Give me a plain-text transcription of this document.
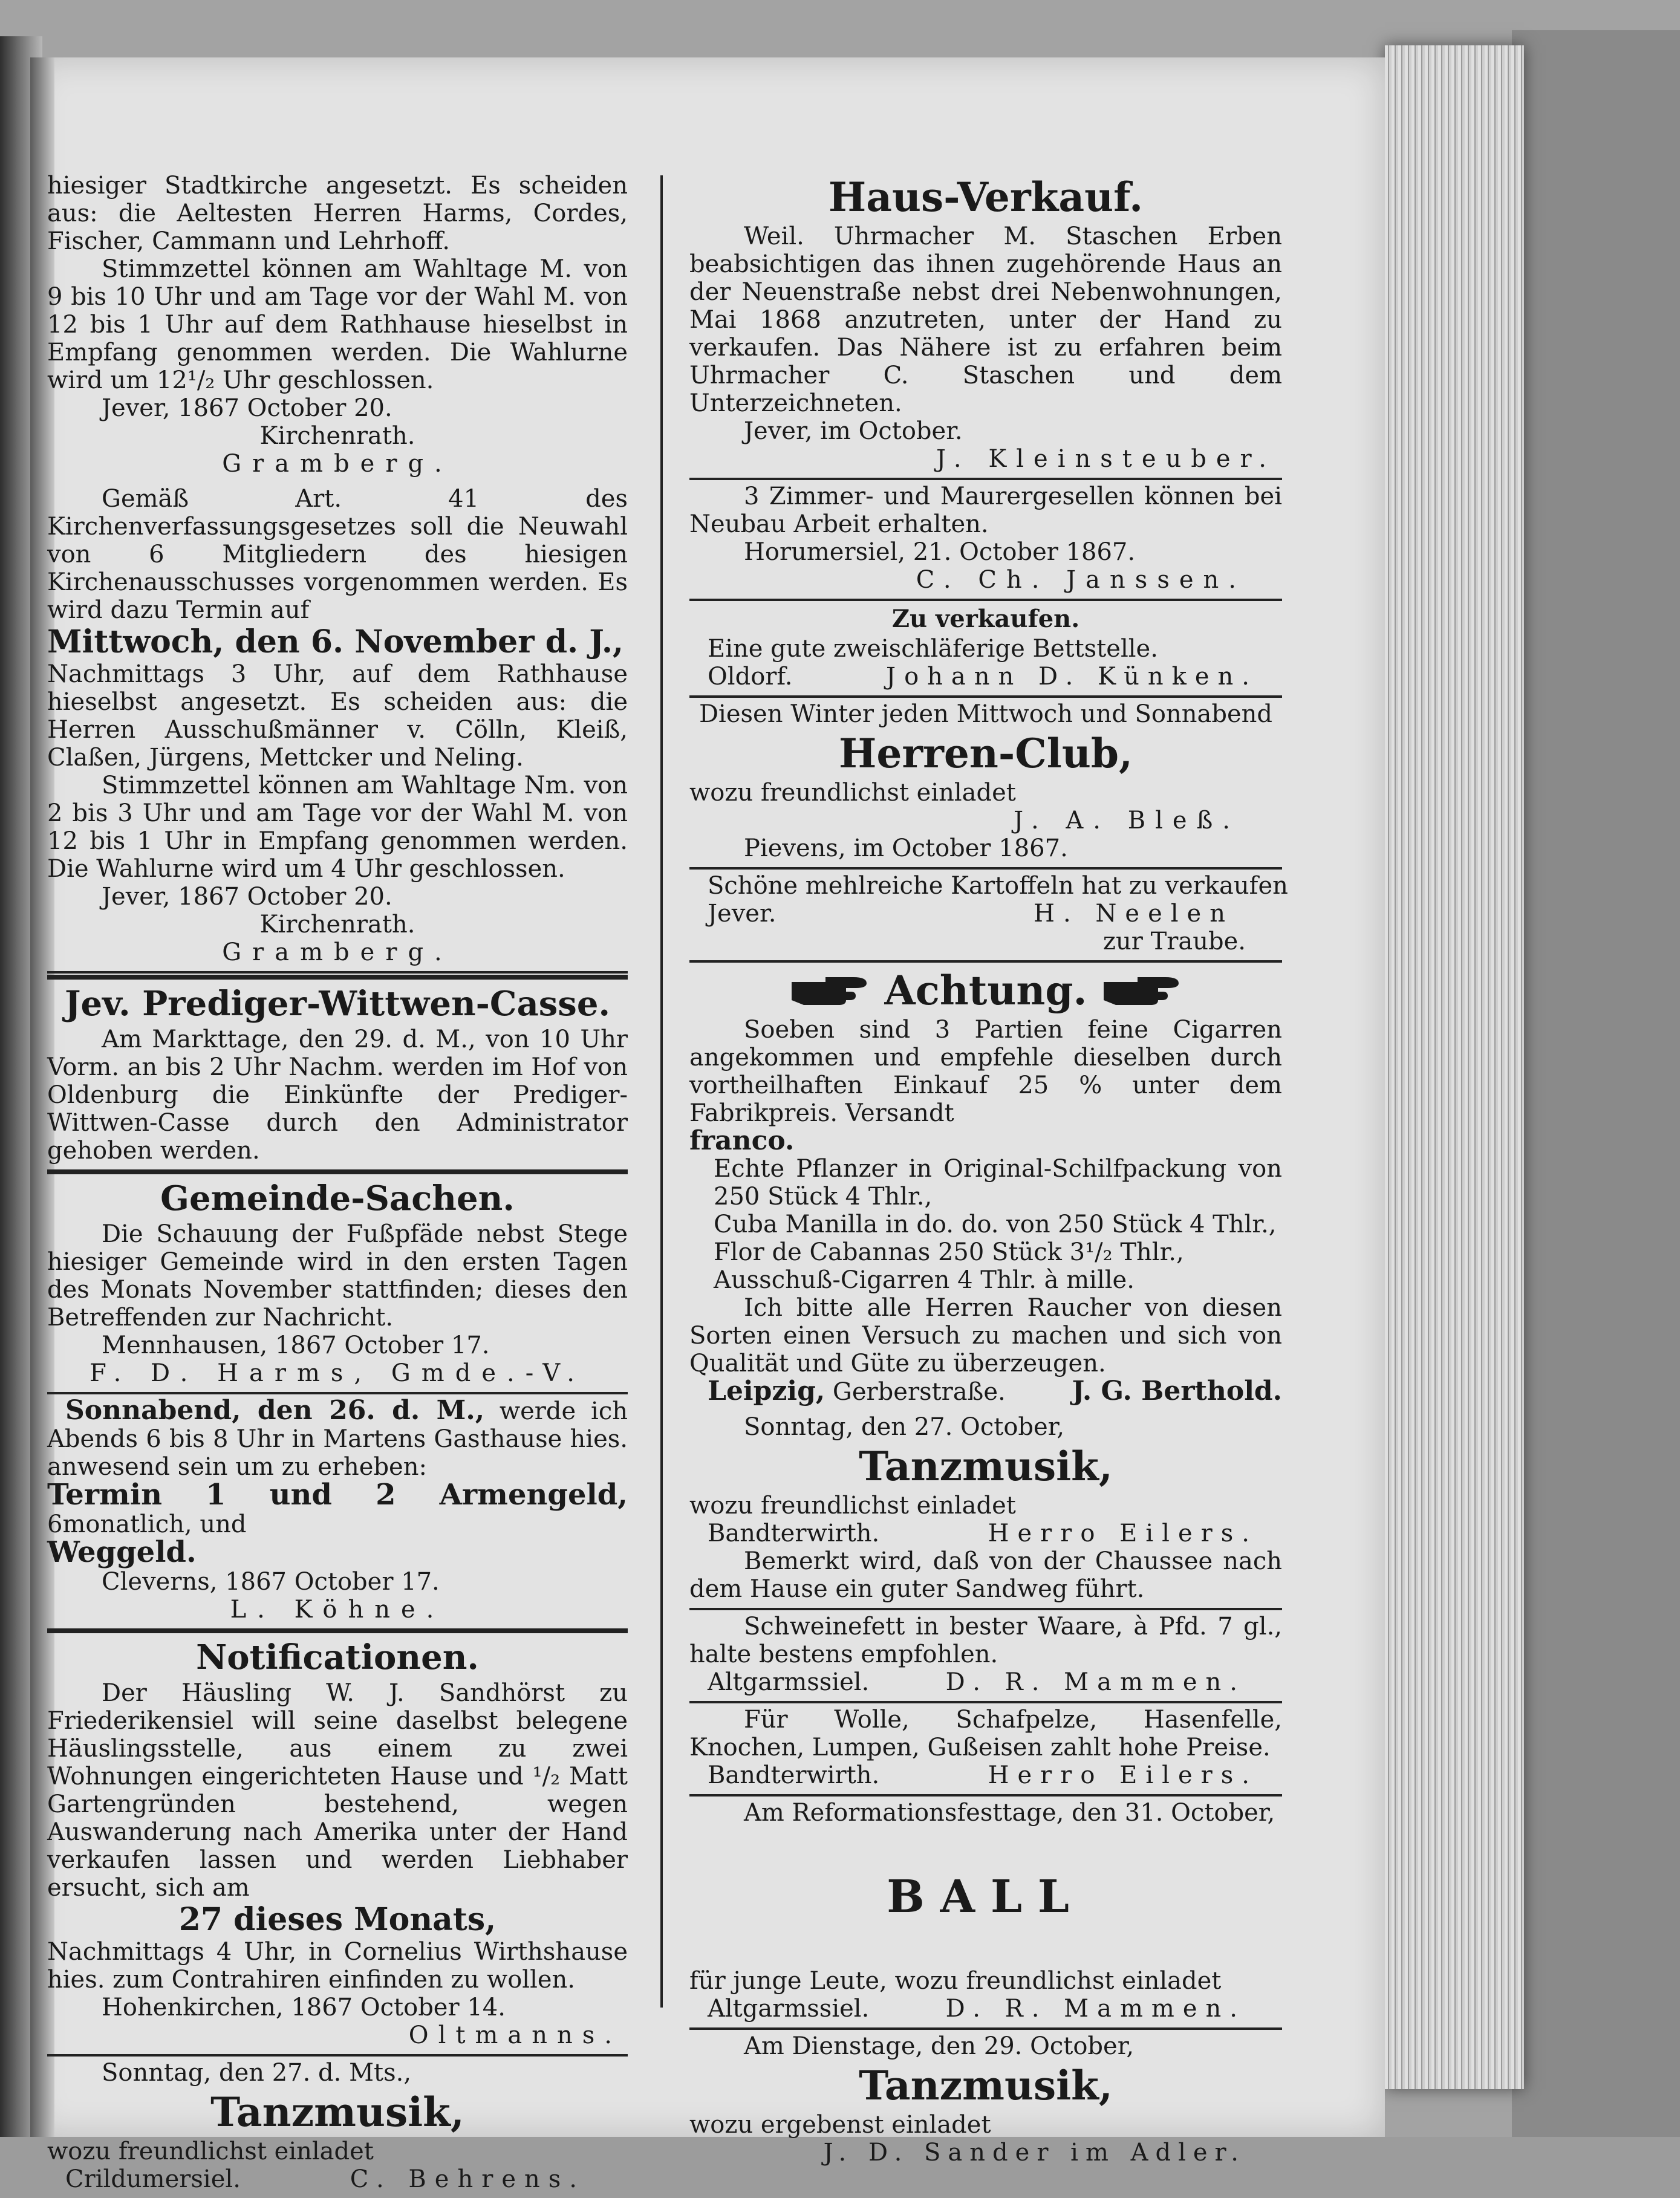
hiesiger Stadtkirche angesetzt. Es scheiden aus: die Aeltesten Herren Harms, Cordes, Fischer, Cammann und Lehrhoff.

Stimmzettel können am Wahltage M. von 9 bis 10 Uhr und am Tage vor der Wahl M. von 12 bis 1 Uhr auf dem Rathhause hieselbst in Empfang genommen werden. Die Wahlurne wird um 12¹/₂ Uhr geschlossen.

Jever, 1867 October 20.

Kirchenrath.

Gramberg.

Gemäß Art. 41 des Kirchenverfassungsgesetzes soll die Neuwahl von 6 Mitgliedern des hiesigen Kirchenausschusses vorgenommen werden. Es wird dazu Termin auf

Mittwoch, den 6. November d. J.,

Nachmittags 3 Uhr, auf dem Rathhause hieselbst angesetzt. Es scheiden aus: die Herren Ausschußmänner v. Cölln, Kleiß, Claßen, Jürgens, Mettcker und Neling.

Stimmzettel können am Wahltage Nm. von 2 bis 3 Uhr und am Tage vor der Wahl M. von 12 bis 1 Uhr in Empfang genommen werden. Die Wahlurne wird um 4 Uhr geschlossen.

Jever, 1867 October 20.

Kirchenrath.

Gramberg.

Jev. Prediger-Wittwen-Casse.

Am Markttage, den 29. d. M., von 10 Uhr Vorm. an bis 2 Uhr Nachm. werden im Hof von Oldenburg die Einkünfte der Prediger-Wittwen-Casse durch den Administrator gehoben werden.

Gemeinde-Sachen.

Die Schauung der Fußpfäde nebst Stege hiesiger Gemeinde wird in den ersten Tagen des Monats November stattfinden; dieses den Betreffenden zur Nachricht.

Mennhausen, 1867 October 17.

F. D. Harms, Gmde.-V.

Sonnabend, den 26. d. M., werde ich Abends 6 bis 8 Uhr in Martens Gasthause hies. anwesend sein um zu erheben:

Termin 1 und 2 Armengeld, 6monatlich, und
Weggeld.

Cleverns, 1867 October 17.

L. Köhne.

Notificationen.

Der Häusling W. J. Sandhörst zu Friederikensiel will seine daselbst belegene Häuslingsstelle, aus einem zu zwei Wohnungen eingerichteten Hause und ¹/₂ Matt Gartengründen bestehend, wegen Auswanderung nach Amerika unter der Hand verkaufen lassen und werden Liebhaber ersucht, sich am

27 dieses Monats,

Nachmittags 4 Uhr, in Cornelius Wirthshause hies. zum Contrahiren einfinden zu wollen.

Hohenkirchen, 1867 October 14.

Oltmanns.

Sonntag, den 27. d. Mts.,

Tanzmusik,

wozu freundlichst einladet

Crildumersiel.	C. Behrens.

Haus-Verkauf.

Weil. Uhrmacher M. Staschen Erben beabsichtigen das ihnen zugehörende Haus an der Neuenstraße nebst drei Nebenwohnungen, Mai 1868 anzutreten, unter der Hand zu verkaufen. Das Nähere ist zu erfahren beim Uhrmacher C. Staschen und dem Unterzeichneten.

Jever, im October.

J. Kleinsteuber.

3 Zimmer- und Maurergesellen können bei Neubau Arbeit erhalten.

Horumersiel, 21. October 1867.

C. Ch. Janssen.

Zu verkaufen.

Eine gute zweischläferige Bettstelle.

Oldorf.	Johann D. Künken.

Diesen Winter jeden Mittwoch und Sonnabend

Herren-Club,

wozu freundlichst einladet

J. A. Bleß.

Pievens, im October 1867.

Schöne mehlreiche Kartoffeln hat zu verkaufen

Jever.	H. Neelen

zur Traube.

Achtung.

Soeben sind 3 Partien feine Cigarren angekommen und empfehle dieselben durch vortheilhaften Einkauf 25 % unter dem Fabrikpreis. Versandt

franco.

Echte Pflanzer in Original-Schilfpackung von 250 Stück 4 Thlr.,

Cuba Manilla in do. do. von 250 Stück 4 Thlr.,

Flor de Cabannas 250 Stück 3¹/₂ Thlr.,

Ausschuß-Cigarren 4 Thlr. à mille.

Ich bitte alle Herren Raucher von diesen Sorten einen Versuch zu machen und sich von Qualität und Güte zu überzeugen.

Leipzig, Gerberstraße. J. G. Berthold.

Sonntag, den 27. October,

Tanzmusik,

wozu freundlichst einladet

Bandterwirth.	Herro Eilers.

Bemerkt wird, daß von der Chaussee nach dem Hause ein guter Sandweg führt.

Schweinefett in bester Waare, à Pfd. 7 gl., halte bestens empfohlen.

Altgarmssiel.	D. R. Mammen.

Für Wolle, Schafpelze, Hasenfelle, Knochen, Lumpen, Gußeisen zahlt hohe Preise.

Bandterwirth.	Herro Eilers.

Am Reformationsfesttage, den 31. October,

BALL

für junge Leute, wozu freundlichst einladet

Altgarmssiel.	D. R. Mammen.

Am Dienstage, den 29. October,

Tanzmusik,

wozu ergebenst einladet

J. D. Sander im Adler.
